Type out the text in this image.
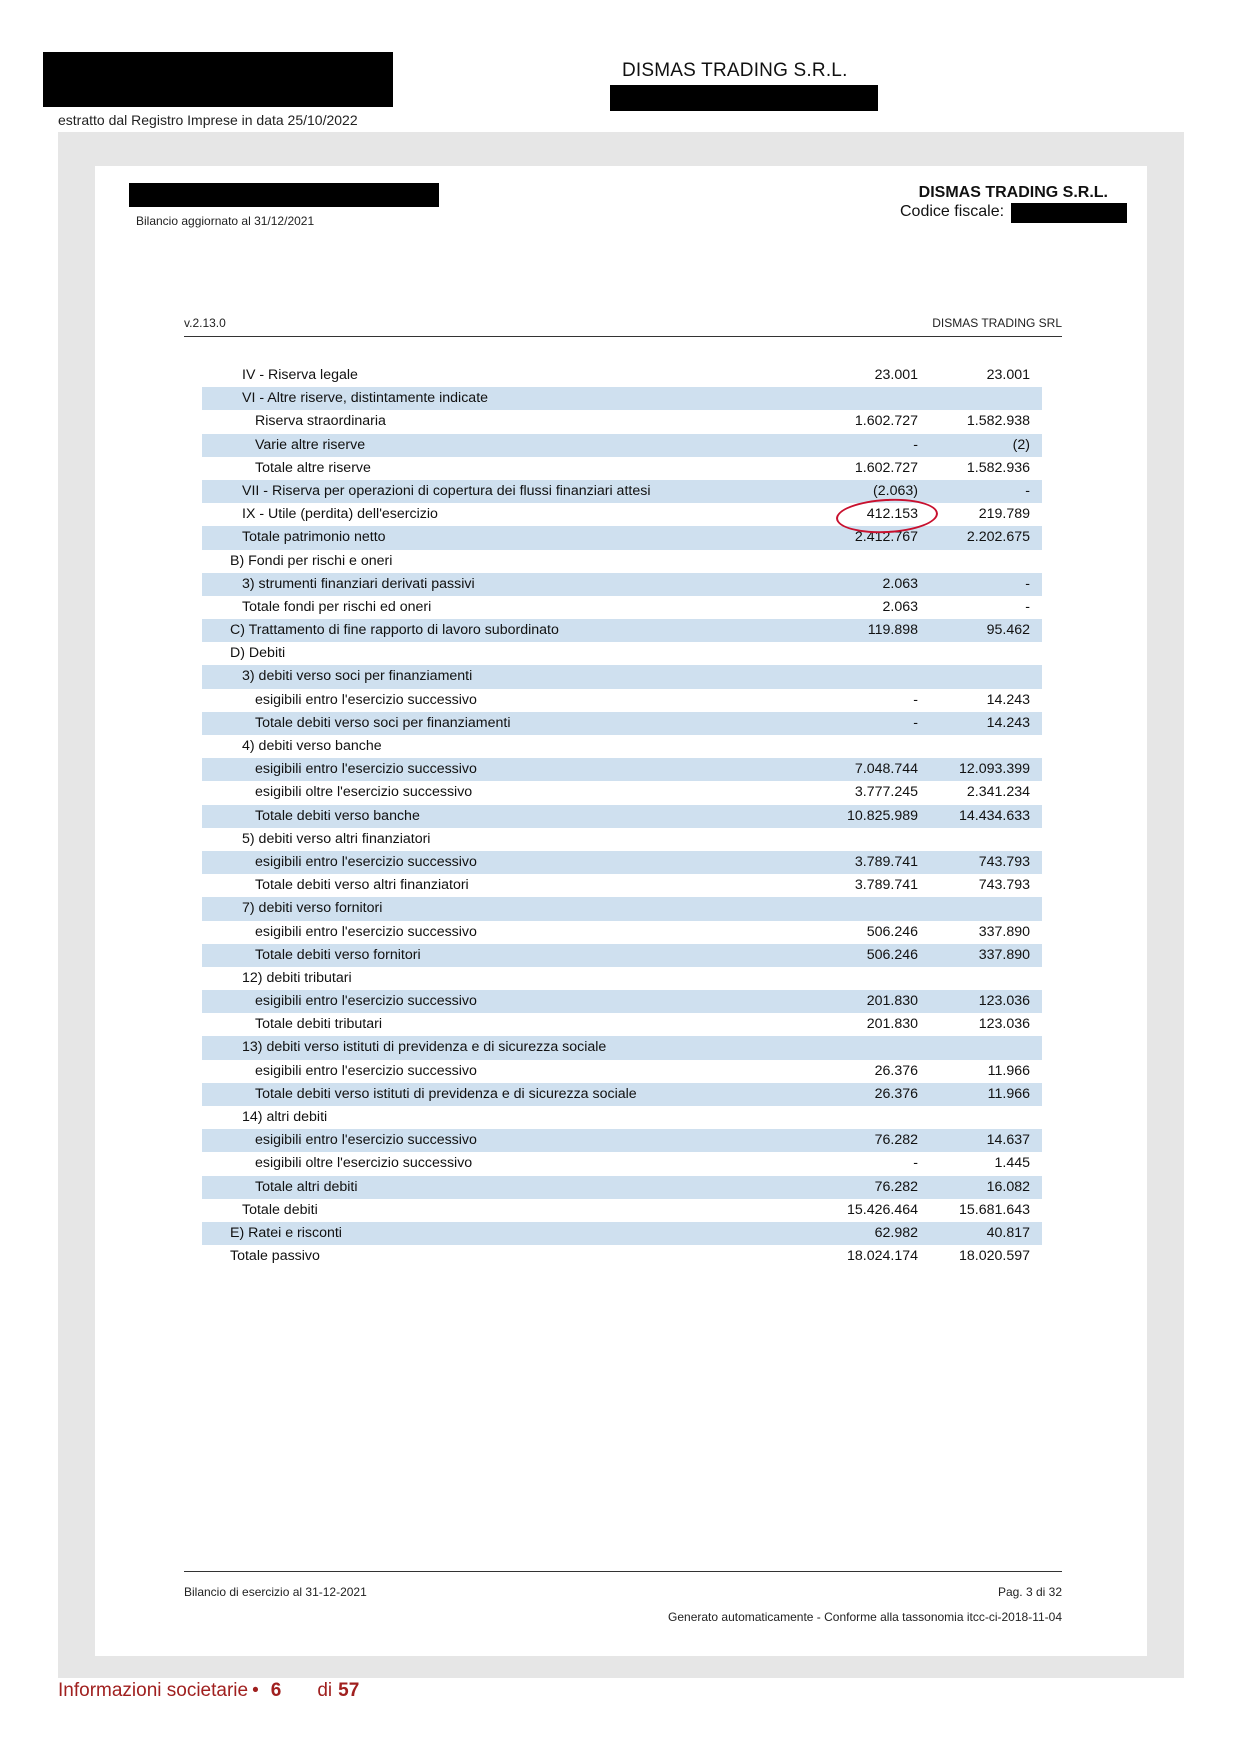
DISMAS TRADING S.R.L.
estratto dal Registro Imprese in data 25/10/2022
Bilancio aggiornato al 31/12/2021
DISMAS TRADING S.R.L.
Codice fiscale:
v.2.13.0	DISMAS TRADING SRL
IV - Riserva legale	23.001	23.001
VI - Altre riserve, distintamente indicate
Riserva straordinaria	1.602.727	1.582.938
Varie altre riserve	-	(2)
Totale altre riserve	1.602.727	1.582.936
VII - Riserva per operazioni di copertura dei flussi finanziari attesi	(2.063)	-
IX - Utile (perdita) dell'esercizio	412.153	219.789
Totale patrimonio netto	2.412.767	2.202.675
B) Fondi per rischi e oneri
3) strumenti finanziari derivati passivi	2.063	-
Totale fondi per rischi ed oneri	2.063	-
C) Trattamento di fine rapporto di lavoro subordinato	119.898	95.462
D) Debiti
3) debiti verso soci per finanziamenti
esigibili entro l'esercizio successivo	-	14.243
Totale debiti verso soci per finanziamenti	-	14.243
4) debiti verso banche
esigibili entro l'esercizio successivo	7.048.744	12.093.399
esigibili oltre l'esercizio successivo	3.777.245	2.341.234
Totale debiti verso banche	10.825.989	14.434.633
5) debiti verso altri finanziatori
esigibili entro l'esercizio successivo	3.789.741	743.793
Totale debiti verso altri finanziatori	3.789.741	743.793
7) debiti verso fornitori
esigibili entro l'esercizio successivo	506.246	337.890
Totale debiti verso fornitori	506.246	337.890
12) debiti tributari
esigibili entro l'esercizio successivo	201.830	123.036
Totale debiti tributari	201.830	123.036
13) debiti verso istituti di previdenza e di sicurezza sociale
esigibili entro l'esercizio successivo	26.376	11.966
Totale debiti verso istituti di previdenza e di sicurezza sociale	26.376	11.966
14) altri debiti
esigibili entro l'esercizio successivo	76.282	14.637
esigibili oltre l'esercizio successivo	-	1.445
Totale altri debiti	76.282	16.082
Totale debiti	15.426.464	15.681.643
E) Ratei e risconti	62.982	40.817
Totale passivo	18.024.174	18.020.597
Bilancio di esercizio al 31-12-2021	Pag. 3 di 32
Generato automaticamente - Conforme alla tassonomia itcc-ci-2018-11-04
Informazioni societarie • 6 di 57
